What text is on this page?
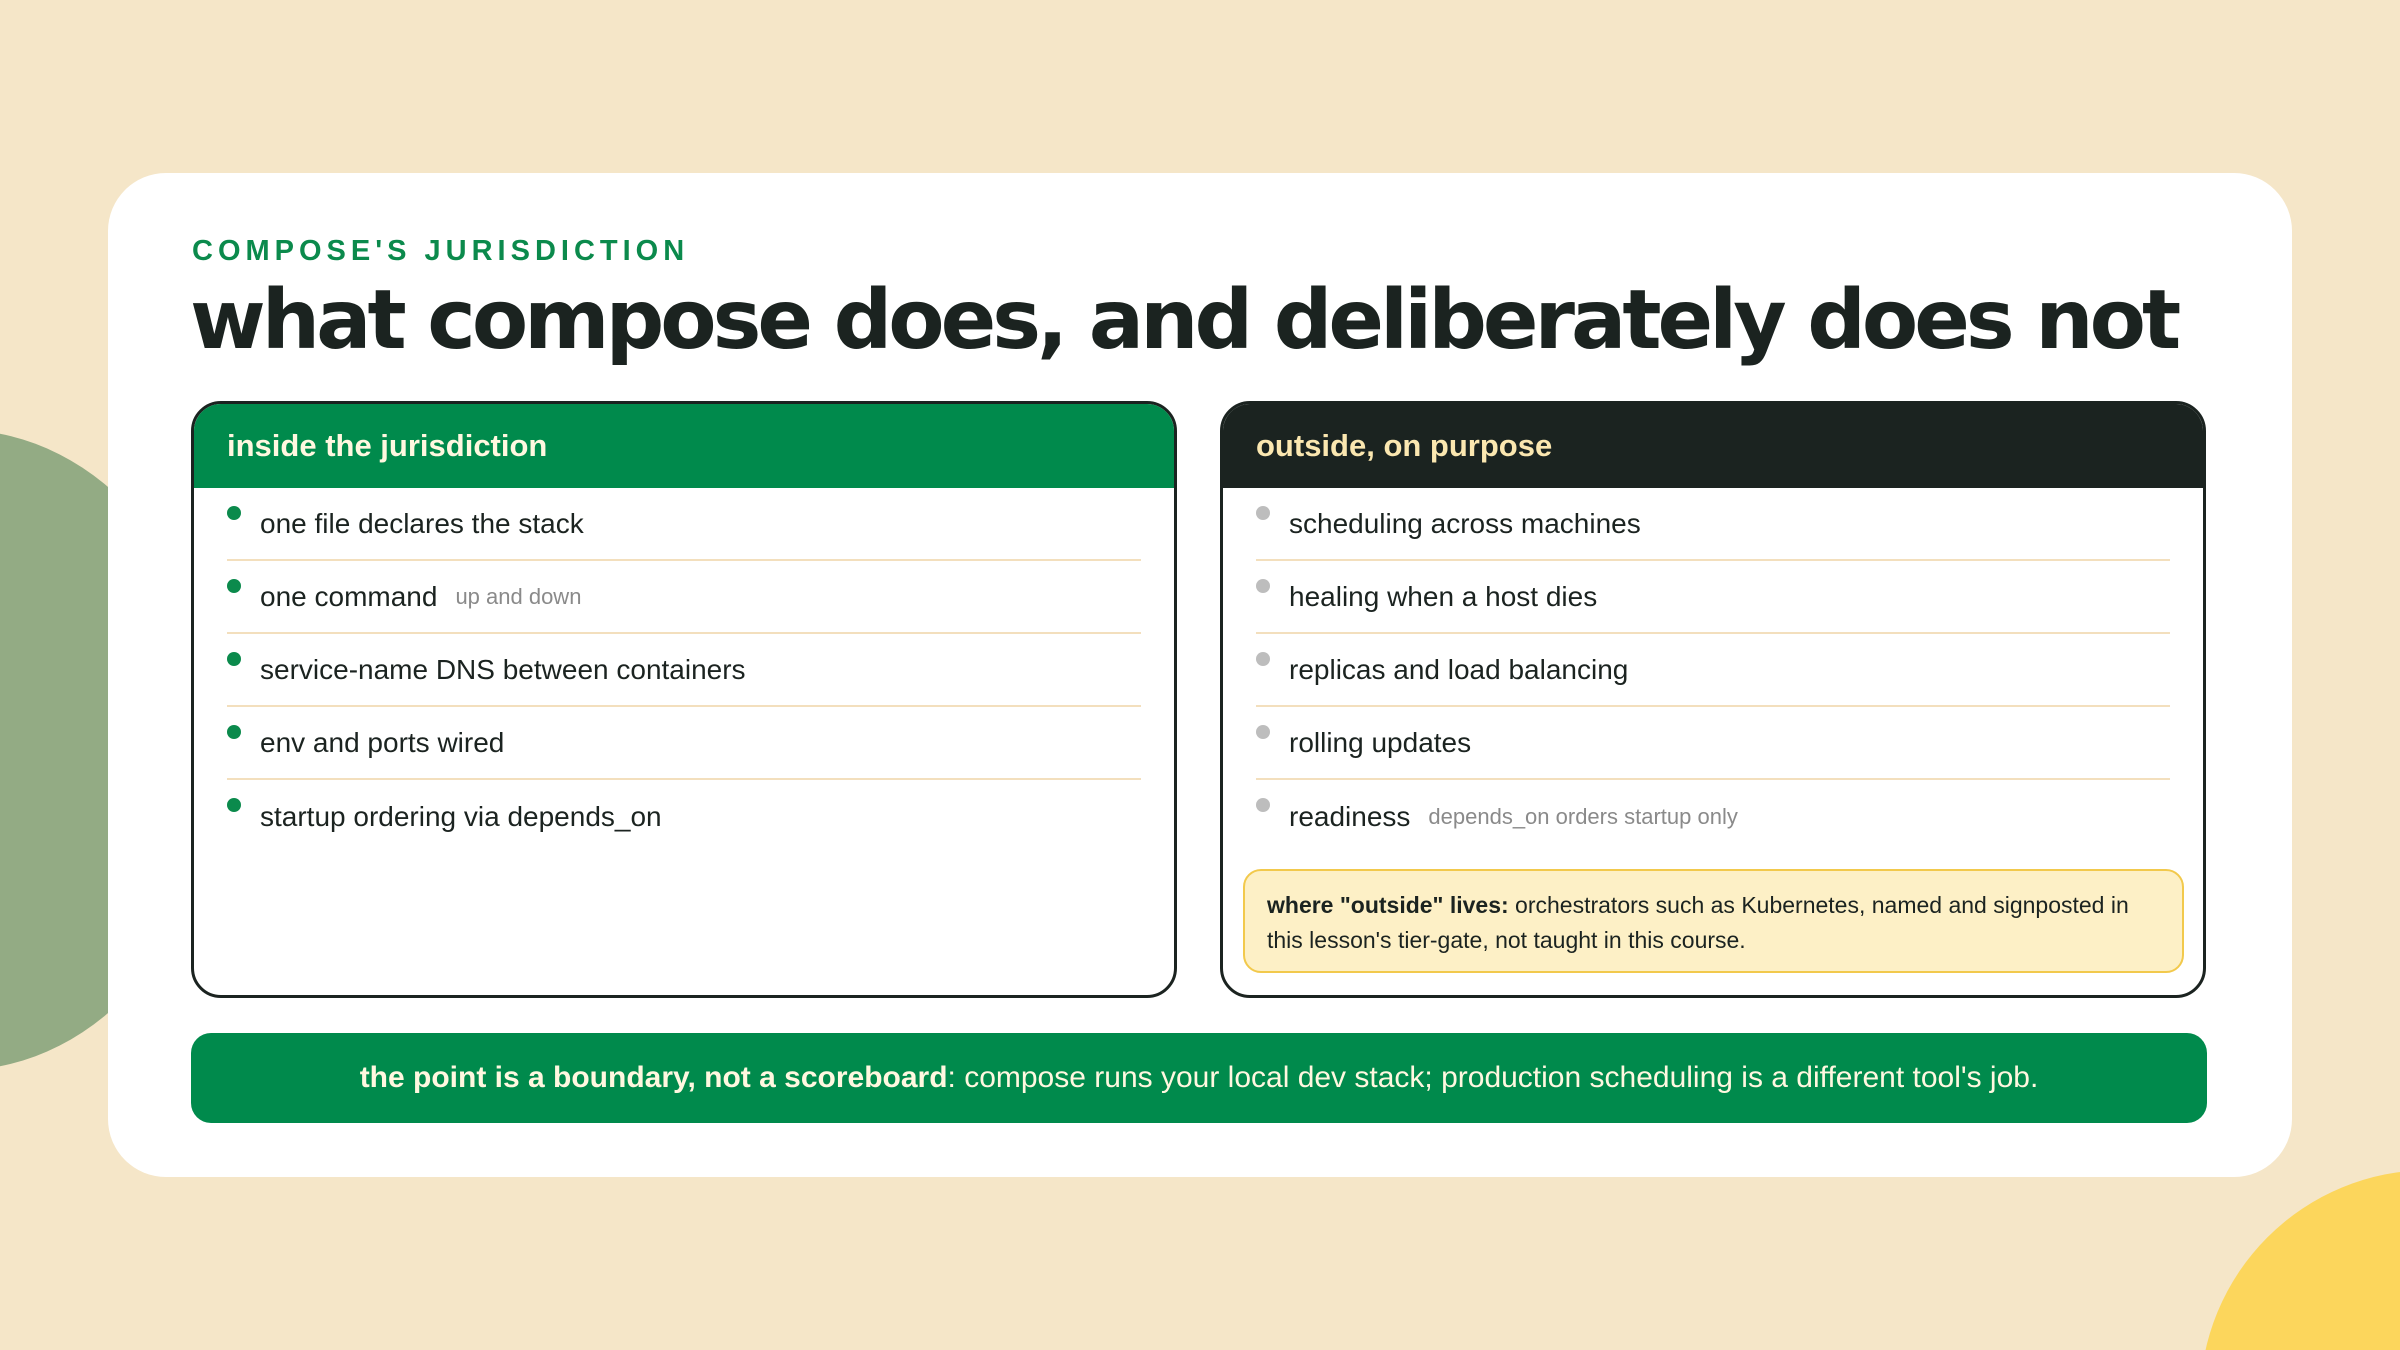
COMPOSE'S JURISDICTION
what compose does, and deliberately does not
inside the jurisdiction
one file declares the stack
one command up and down
service-name DNS between containers
env and ports wired
startup ordering via depends_on
outside, on purpose
scheduling across machines
healing when a host dies
replicas and load balancing
rolling updates
readiness depends_on orders startup only
where "outside" lives: orchestrators such as Kubernetes, named and signposted in this lesson's tier-gate, not taught in this course.
the point is a boundary, not a scoreboard : compose runs your local dev stack; production scheduling is a different tool's job.
